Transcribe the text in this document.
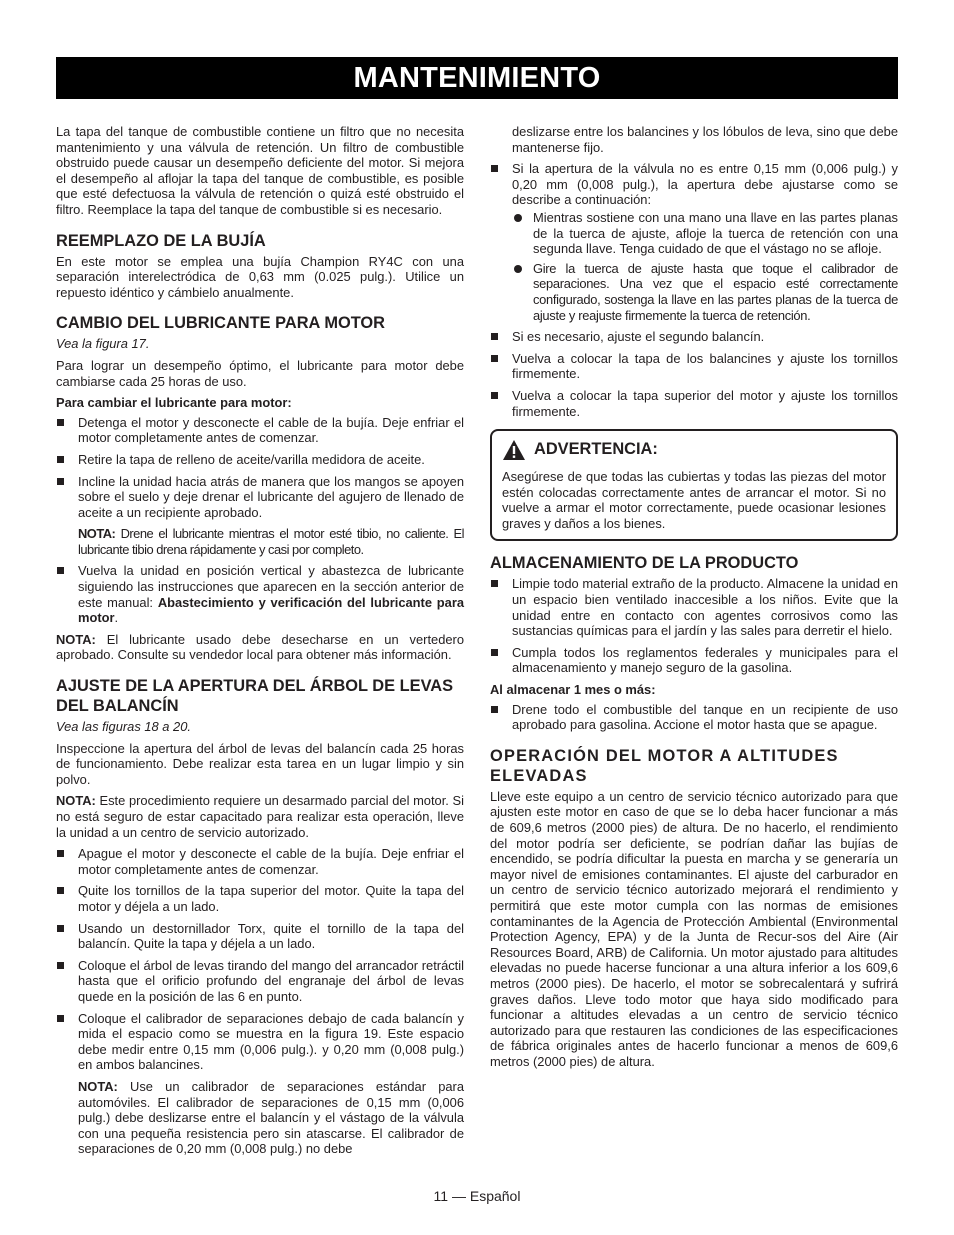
MANTENIMIENTO

La tapa del tanque de combustible contiene un filtro que no necesita mantenimiento y una válvula de retención. Un filtro de combustible obstruido puede causar un desempeño deficiente del motor. Si mejora el desempeño al aflojar la tapa del tanque de combustible, es posible que esté defectuosa la válvula de retención o quizá esté obstruido el filtro. Reemplace la tapa del tanque de combustible si es necesario.

REEMPLAZO DE LA BUJÍA

En este motor se emplea una bujía Champion RY4C con una separación interelectródica de 0,63 mm (0.025 pulg.). Utilice un repuesto idéntico y cámbielo anualmente.

CAMBIO DEL LUBRICANTE PARA MOTOR
Vea la figura 17.

Para lograr un desempeño óptimo, el lubricante para motor debe cambiarse cada 25 horas de uso.

Para cambiar el lubricante para motor:
Detenga el motor y desconecte el cable de la bujía. Deje enfriar el motor completamente antes de comenzar.
Retire la tapa de relleno de aceite/varilla medidora de aceite.
Incline la unidad hacia atrás de manera que los mangos se apoyen sobre el suelo y deje drenar el lubricante del agujero de llenado de aceite a un recipiente aprobado.

NOTA: Drene el lubricante mientras el motor esté tibio, no caliente. El lubricante tibio drena rápidamente y casi por completo.

Vuelva la unidad en posición vertical y abastezca de lubricante siguiendo las instrucciones que aparecen en la sección anterior de este manual: Abastecimiento y verificación del lubricante para motor.

NOTA: El lubricante usado debe desecharse en un vertedero aprobado. Consulte su vendedor local para obtener más información.

AJUSTE DE LA APERTURA DEL ÁRBOL DE LEVAS DEL BALANCÍN
Vea las figuras 18 a 20.

Inspeccione la apertura del árbol de levas del balancín cada 25 horas de funcionamiento. Debe realizar esta tarea en un lugar limpio y sin polvo.

NOTA: Este procedimiento requiere un desarmado parcial del motor. Si no está seguro de estar capacitado para realizar esta operación, lleve la unidad a un centro de servicio autorizado.

Apague el motor y desconecte el cable de la bujía. Deje enfriar el motor completamente antes de comenzar.
Quite los tornillos de la tapa superior del motor. Quite la tapa del motor y déjela a un lado.
Usando un destornillador Torx, quite el tornillo de la tapa del balancín. Quite la tapa y déjela a un lado.
Coloque el árbol de levas tirando del mango del arrancador retráctil hasta que el orificio profundo del engranaje del árbol de levas quede en la posición de las 6 en punto.
Coloque el calibrador de separaciones debajo de cada balancín y mida el espacio como se muestra en la figura 19. Este espacio debe medir entre 0,15 mm (0,006 pulg.). y 0,20 mm (0,008 pulg.) en ambos balancines.

NOTA: Use un calibrador de separaciones estándar para automóviles. El calibrador de separaciones de 0,15 mm (0,006 pulg.) debe deslizarse entre el balancín y el vástago de la válvula con una pequeña resistencia pero sin atascarse. El calibrador de separaciones de 0,20 mm (0,008 pulg.) no debe

deslizarse entre los balancines y los lóbulos de leva, sino que debe mantenerse fijo.

Si la apertura de la válvula no es entre 0,15 mm (0,006 pulg.) y 0,20 mm (0,008 pulg.), la apertura debe ajustarse como se describe a continuación:
Mientras sostiene con una mano una llave en las partes planas de la tuerca de ajuste, afloje la tuerca de retención con una segunda llave. Tenga cuidado de que el vástago no se afloje.
Gire la tuerca de ajuste hasta que toque el calibrador de separaciones. Una vez que el espacio esté correctamente configurado, sostenga la llave en las partes planas de la tuerca de ajuste y reajuste firmemente la tuerca de retención.
Si es necesario, ajuste el segundo balancín.
Vuelva a colocar la tapa de los balancines y ajuste los tornillos firmemente.
Vuelva a colocar la tapa superior del motor y ajuste los tornillos firmemente.
ADVERTENCIA:

Asegúrese de que todas las cubiertas y todas las piezas del motor estén colocadas correctamente antes de arrancar el motor. Si no vuelve a armar el motor correctamente, puede ocasionar lesiones graves y daños a los bienes.

ALMACENAMIENTO DE LA PRODUCTO
Limpie todo material extraño de la producto. Almacene la unidad en un espacio bien ventilado inaccesible a los niños. Evite que la unidad entre en contacto con agentes corrosivos como las sustancias químicas para el jardín y las sales para derretir el hielo.
Cumpla todos los reglamentos federales y municipales para el almacenamiento y manejo seguro de la gasolina.
Al almacenar 1 mes o más:
Drene todo el combustible del tanque en un recipiente de uso aprobado para gasolina. Accione el motor hasta que se apague.
OPERACIÓN DEL MOTOR A ALTITUDES ELEVADAS

Lleve este equipo a un centro de servicio técnico autorizado para que ajusten este motor en caso de que se lo deba hacer funcionar a más de 609,6 metros (2000 pies) de altura. De no hacerlo, el rendimiento del motor podría ser deficiente, se podrían dañar las bujías de encendido, se podría dificultar la puesta en marcha y se generaría un mayor nivel de emisiones contaminantes. El ajuste del carburador en un centro de servicio técnico autorizado mejorará el rendimiento y permitirá que este motor cumpla con las normas de emisiones contaminantes de la Agencia de Protección Ambiental (Environmental Protection Agency, EPA) y de la Junta de Recur-sos del Aire (Air Resources Board, ARB) de California. Un motor ajustado para altitudes elevadas no puede hacerse funcionar a una altura inferior a los 609,6 metros (2000 pies). De hacerlo, el motor se sobrecalentará y sufrirá graves daños. Lleve todo motor que haya sido modificado para funcionar a altitudes elevadas a un centro de servicio técnico autorizado para que restauren las condiciones de las especificaciones de fábrica originales antes de hacerlo funcionar a menos de 609,6 metros (2000 pies) de altura.

11 — Español
